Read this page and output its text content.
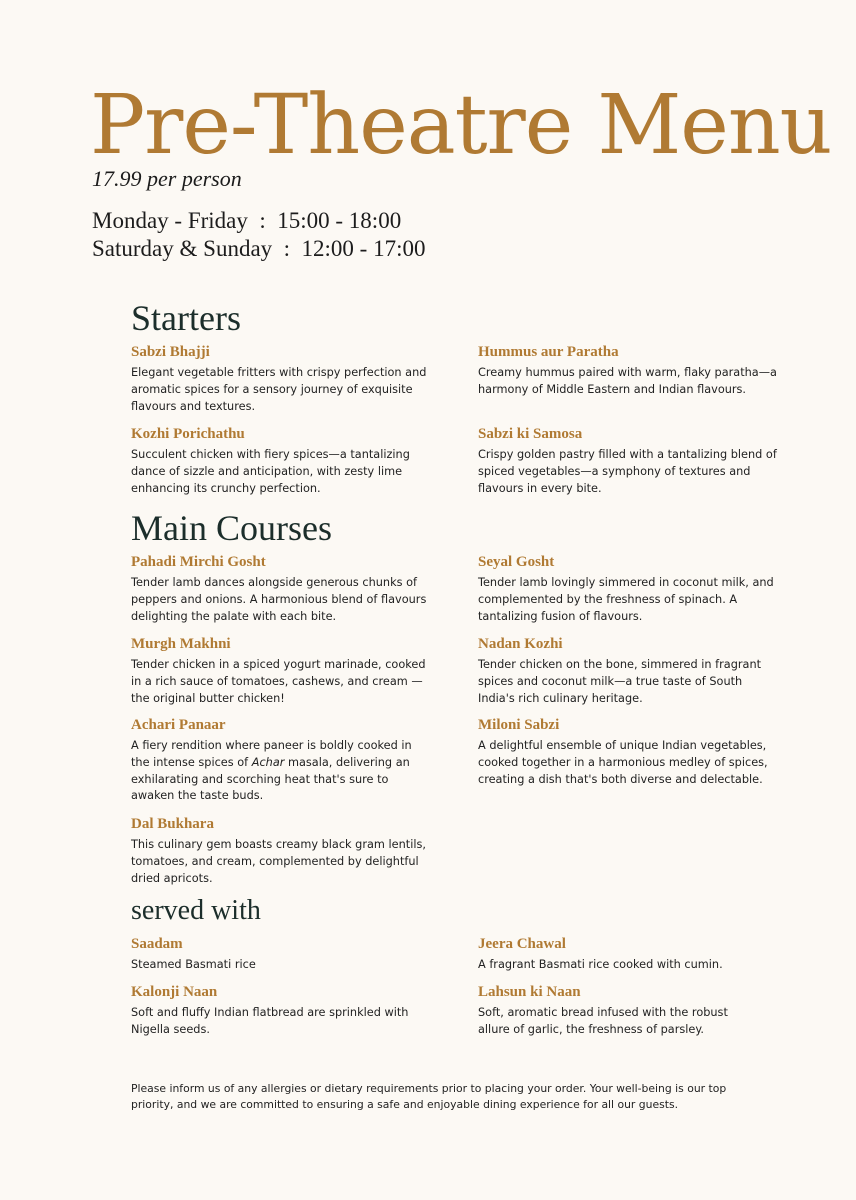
Pre-Theatre Menu
17.99 per person
Monday - Friday  :  15:00 - 18:00
Saturday & Sunday  :  12:00 - 17:00
Starters
Sabzi Bhajji
Elegant vegetable fritters with crispy perfection and aromatic spices for a sensory journey of exquisite flavours and textures.
Hummus aur Paratha
Creamy hummus paired with warm, flaky paratha—a harmony of Middle Eastern and Indian flavours.
Kozhi Porichathu
Succulent chicken with fiery spices—a tantalizing dance of sizzle and anticipation, with zesty lime enhancing its crunchy perfection.
Sabzi ki Samosa
Crispy golden pastry filled with a tantalizing blend of spiced vegetables—a symphony of textures and flavours in every bite.
Main Courses
Pahadi Mirchi Gosht
Tender lamb dances alongside generous chunks of peppers and onions. A harmonious blend of flavours delighting the palate with each bite.
Seyal Gosht
Tender lamb lovingly simmered in coconut milk, and complemented by the freshness of spinach. A tantalizing fusion of flavours.
Murgh Makhni
Tender chicken in a spiced yogurt marinade, cooked in a rich sauce of tomatoes, cashews, and cream — the original butter chicken!
Nadan Kozhi
Tender chicken on the bone, simmered in fragrant spices and coconut milk—a true taste of South India's rich culinary heritage.
Achari Panaar
A fiery rendition where paneer is boldly cooked in the intense spices of Achar masala, delivering an exhilarating and scorching heat that's sure to awaken the taste buds.
Miloni Sabzi
A delightful ensemble of unique Indian vegetables, cooked together in a harmonious medley of spices, creating a dish that's both diverse and delectable.
Dal Bukhara
This culinary gem boasts creamy black gram lentils, tomatoes, and cream, complemented by delightful dried apricots.
served with
Saadam
Steamed Basmati rice
Jeera Chawal
A fragrant Basmati rice cooked with cumin.
Kalonji Naan
Soft and fluffy Indian flatbread are sprinkled with Nigella seeds.
Lahsun ki Naan
Soft, aromatic bread infused with the robust allure of garlic, the freshness of parsley.
Please inform us of any allergies or dietary requirements prior to placing your order. Your well-being is our top priority, and we are committed to ensuring a safe and enjoyable dining experience for all our guests.
